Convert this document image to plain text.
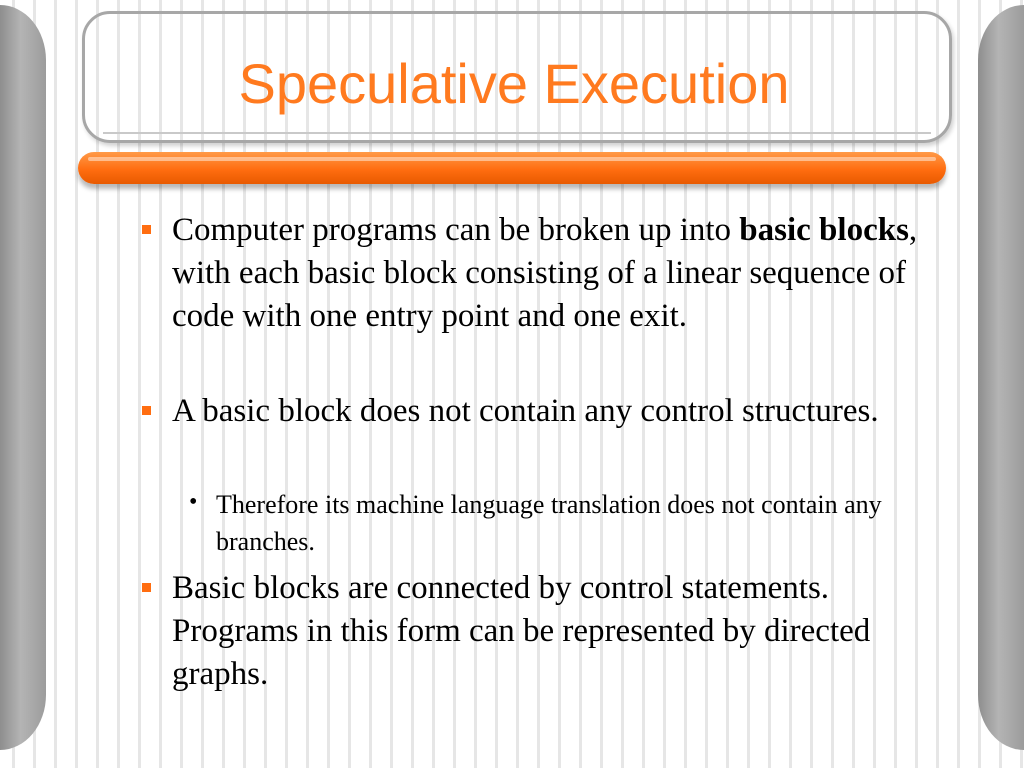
Speculative Execution

Computer programs can be broken up into basic blocks, with each basic block consisting of a linear sequence of code with one entry point and one exit.

A basic block does not contain any control structures.

• Therefore its machine language translation does not contain any branches.

Basic blocks are connected by control statements. Programs in this form can be represented by directed graphs.
